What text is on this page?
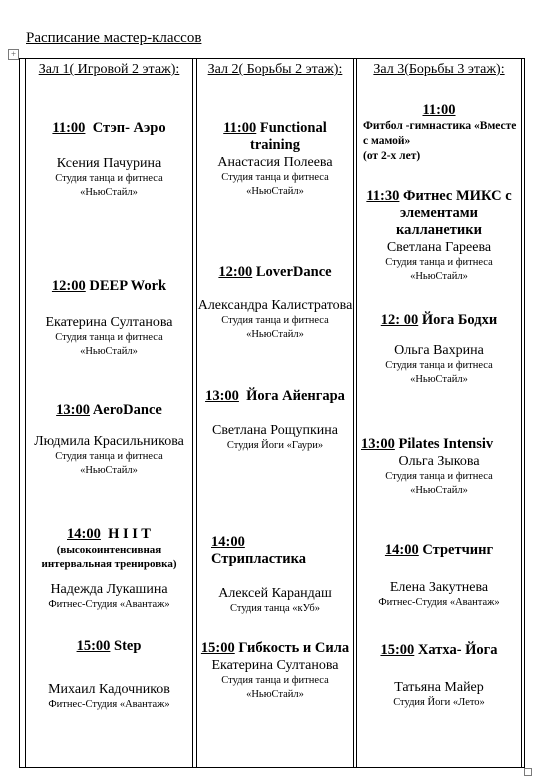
Расписание мастер-классов
+
Зал 1( Игровой 2 этаж):
11:00 Стэп- Аэро
Ксения Пачурина
Студия танца и фитнеса «НьюСтайл»
12:00 DEEP Work
Екатерина Султанова
Студия танца и фитнеса «НьюСтайл»
13:00 AeroDance
Людмила Красильникова
Студия танца и фитнеса «НьюСтайл»
14:00 H I I T
(высокоинтенсивная интервальная тренировка)
Надежда Лукашина
Фитнес-Студия «Авантаж»
15:00 Step
Михаил Кадочников
Фитнес-Студия «Авантаж»
Зал 2( Борьбы 2 этаж):
11:00 Functional training
Анастасия Полеева
Студия танца и фитнеса «НьюСтайл»
12:00 LoverDance
Александра Калистратова
Студия танца и фитнеса «НьюСтайл»
13:00 Йога Айенгара
Светлана Рощупкина
Студия Йоги «Гаури»
14:00
Стрипластика
Алексей Карандаш
Студия танца «кУб»
15:00 Гибкость и Сила
Екатерина Султанова
Студия танца и фитнеса «НьюСтайл»
Зал 3(Борьбы 3 этаж):
11:00
Фитбол -гимнастика «Вместе с мамой»
(от 2-х лет)
11:30 Фитнес МИКС с элементами калланетики
Светлана Гареева
Студия танца и фитнеса «НьюСтайл»
12: 00 Йога Бодхи
Ольга Вахрина
Студия танца и фитнеса «НьюСтайл»
13:00 Pilates Intensiv
Ольга Зыкова
Студия танца и фитнеса «НьюСтайл»
14:00 Стретчинг
Елена Закутнева
Фитнес-Студия «Авантаж»
15:00 Хатха- Йога
Татьяна Майер
Студия Йоги «Лето»
